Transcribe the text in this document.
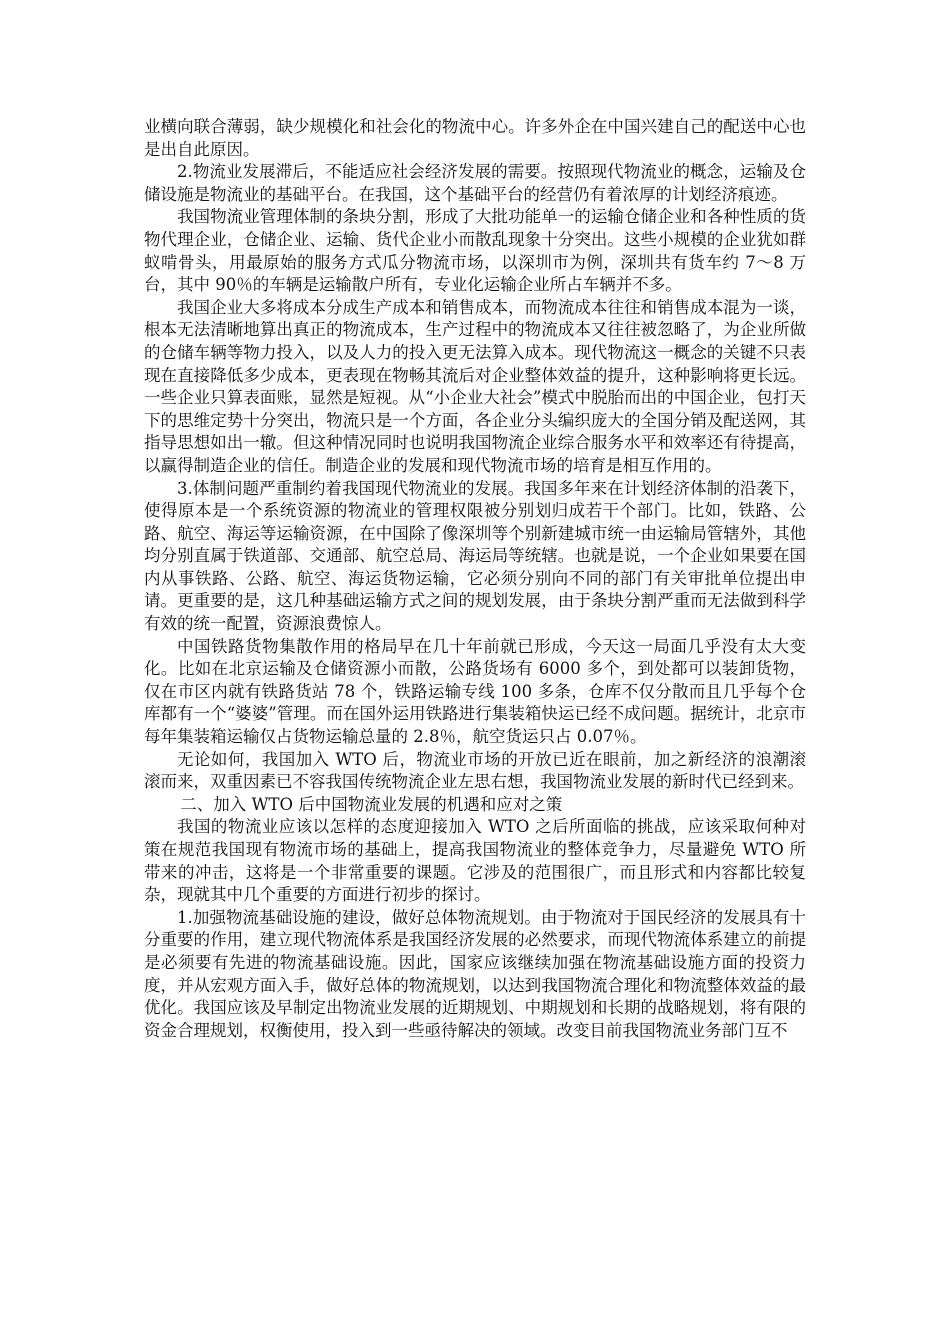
业横向联合薄弱，缺少规模化和社会化的物流中心。许多外企在中国兴建自己的配送中心也是出自此原因。

2.物流业发展滞后，不能适应社会经济发展的需要。按照现代物流业的概念，运输及仓储设施是物流业的基础平台。在我国，这个基础平台的经营仍有着浓厚的计划经济痕迹。

我国物流业管理体制的条块分割，形成了大批功能单一的运输仓储企业和各种性质的货物代理企业，仓储企业、运输、货代企业小而散乱现象十分突出。这些小规模的企业犹如群蚁啃骨头，用最原始的服务方式瓜分物流市场，以深圳市为例，深圳共有货车约 7～8 万台，其中 90％的车辆是运输散户所有，专业化运输企业所占车辆并不多。

我国企业大多将成本分成生产成本和销售成本，而物流成本往往和销售成本混为一谈，根本无法清晰地算出真正的物流成本，生产过程中的物流成本又往往被忽略了，为企业所做的仓储车辆等物力投入，以及人力的投入更无法算入成本。现代物流这一概念的关键不只表现在直接降低多少成本，更表现在物畅其流后对企业整体效益的提升，这种影响将更长远。一些企业只算表面账，显然是短视。从“小企业大社会”模式中脱胎而出的中国企业，包打天下的思维定势十分突出，物流只是一个方面，各企业分头编织庞大的全国分销及配送网，其指导思想如出一辙。但这种情况同时也说明我国物流企业综合服务水平和效率还有待提高，以赢得制造企业的信任。制造企业的发展和现代物流市场的培育是相互作用的。

3.体制问题严重制约着我国现代物流业的发展。我国多年来在计划经济体制的沿袭下，使得原本是一个系统资源的物流业的管理权限被分别划归成若干个部门。比如，铁路、公路、航空、海运等运输资源，在中国除了像深圳等个别新建城市统一由运输局管辖外，其他均分别直属于铁道部、交通部、航空总局、海运局等统辖。也就是说，一个企业如果要在国内从事铁路、公路、航空、海运货物运输，它必须分别向不同的部门有关审批单位提出申请。更重要的是，这几种基础运输方式之间的规划发展，由于条块分割严重而无法做到科学有效的统一配置，资源浪费惊人。

中国铁路货物集散作用的格局早在几十年前就已形成，今天这一局面几乎没有太大变化。比如在北京运输及仓储资源小而散，公路货场有 6000 多个，到处都可以装卸货物，仅在市区内就有铁路货站 78 个，铁路运输专线 100 多条，仓库不仅分散而且几乎每个仓库都有一个“婆婆”管理。而在国外运用铁路进行集装箱快运已经不成问题。据统计，北京市每年集装箱运输仅占货物运输总量的 2.8％，航空货运只占 0.07％。

无论如何，我国加入 WTO 后，物流业市场的开放已近在眼前，加之新经济的浪潮滚滚而来，双重因素已不容我国传统物流企业左思右想，我国物流业发展的新时代已经到来。

二、加入 WTO 后中国物流业发展的机遇和应对之策

我国的物流业应该以怎样的态度迎接加入 WTO 之后所面临的挑战，应该采取何种对策在规范我国现有物流市场的基础上，提高我国物流业的整体竞争力，尽量避免 WTO 所带来的冲击，这将是一个非常重要的课题。它涉及的范围很广，而且形式和内容都比较复杂，现就其中几个重要的方面进行初步的探讨。

1.加强物流基础设施的建设，做好总体物流规划。由于物流对于国民经济的发展具有十分重要的作用，建立现代物流体系是我国经济发展的必然要求，而现代物流体系建立的前提是必须要有先进的物流基础设施。因此，国家应该继续加强在物流基础设施方面的投资力度，并从宏观方面入手，做好总体的物流规划，以达到我国物流合理化和物流整体效益的最优化。我国应该及早制定出物流业发展的近期规划、中期规划和长期的战略规划，将有限的资金合理规划，权衡使用，投入到一些亟待解决的领域。改变目前我国物流业务部门互不
